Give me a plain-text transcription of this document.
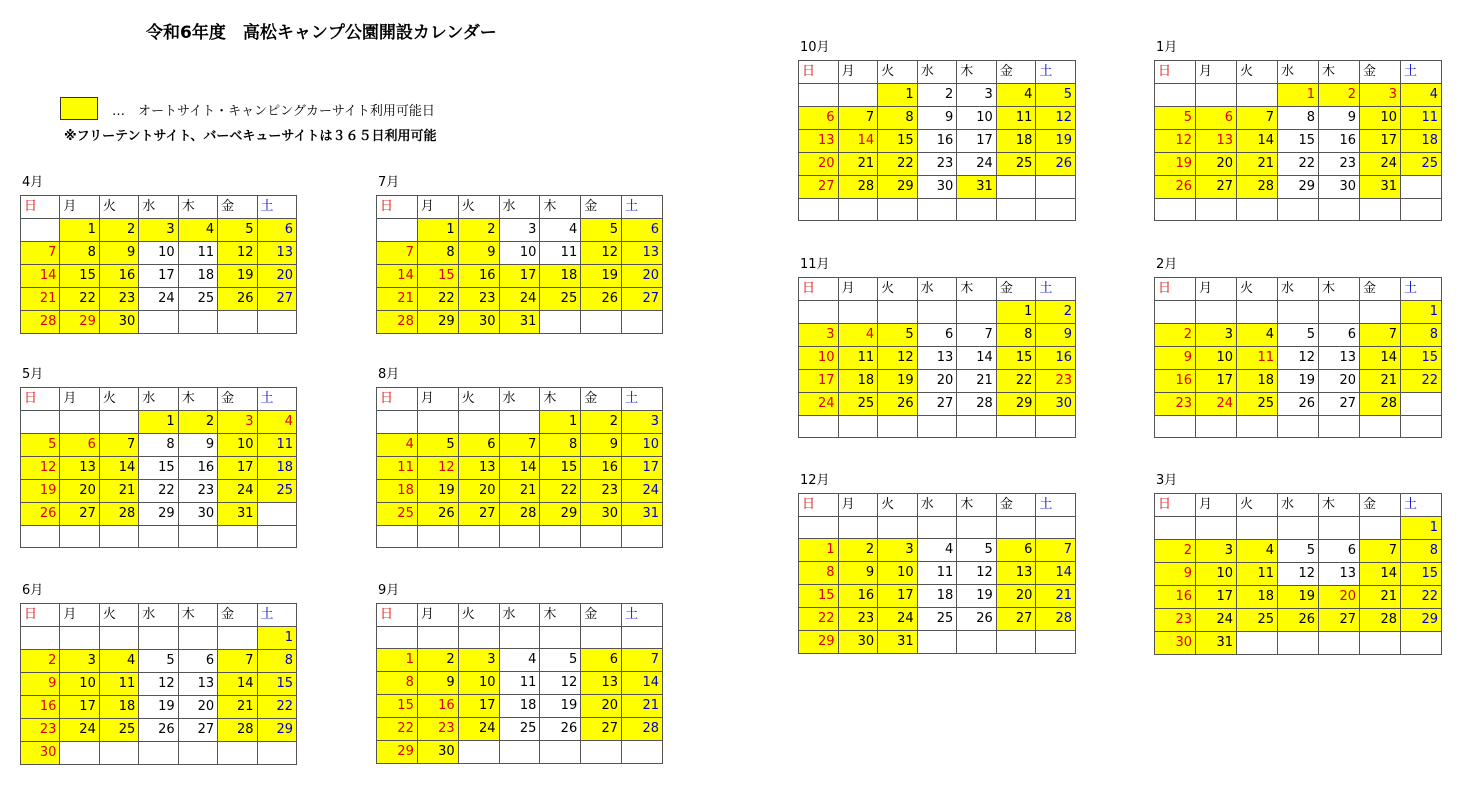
令和6年度　高松キャンプ公園開設カレンダー
…　オートサイト・キャンピングカーサイト利用可能日
※フリーテントサイト、バーベキューサイトは３６５日利用可能
4月
日	月	火	水	木	金	土
	1	2	3	4	5	6
7	8	9	10	11	12	13
14	15	16	17	18	19	20
21	22	23	24	25	26	27
28	29	30				
7月
日	月	火	水	木	金	土
	1	2	3	4	5	6
7	8	9	10	11	12	13
14	15	16	17	18	19	20
21	22	23	24	25	26	27
28	29	30	31			
5月
日	月	火	水	木	金	土
			1	2	3	4
5	6	7	8	9	10	11
12	13	14	15	16	17	18
19	20	21	22	23	24	25
26	27	28	29	30	31	

8月
日	月	火	水	木	金	土
				1	2	3
4	5	6	7	8	9	10
11	12	13	14	15	16	17
18	19	20	21	22	23	24
25	26	27	28	29	30	31

6月
日	月	火	水	木	金	土
						1
2	3	4	5	6	7	8
9	10	11	12	13	14	15
16	17	18	19	20	21	22
23	24	25	26	27	28	29
30						
9月
日	月	火	水	木	金	土

1	2	3	4	5	6	7
8	9	10	11	12	13	14
15	16	17	18	19	20	21
22	23	24	25	26	27	28
29	30					
10月
日	月	火	水	木	金	土
		1	2	3	4	5
6	7	8	9	10	11	12
13	14	15	16	17	18	19
20	21	22	23	24	25	26
27	28	29	30	31		

1月
日	月	火	水	木	金	土
			1	2	3	4
5	6	7	8	9	10	11
12	13	14	15	16	17	18
19	20	21	22	23	24	25
26	27	28	29	30	31	

11月
日	月	火	水	木	金	土
					1	2
3	4	5	6	7	8	9
10	11	12	13	14	15	16
17	18	19	20	21	22	23
24	25	26	27	28	29	30

2月
日	月	火	水	木	金	土
						1
2	3	4	5	6	7	8
9	10	11	12	13	14	15
16	17	18	19	20	21	22
23	24	25	26	27	28	

12月
日	月	火	水	木	金	土

1	2	3	4	5	6	7
8	9	10	11	12	13	14
15	16	17	18	19	20	21
22	23	24	25	26	27	28
29	30	31				
3月
日	月	火	水	木	金	土
						1
2	3	4	5	6	7	8
9	10	11	12	13	14	15
16	17	18	19	20	21	22
23	24	25	26	27	28	29
30	31					
